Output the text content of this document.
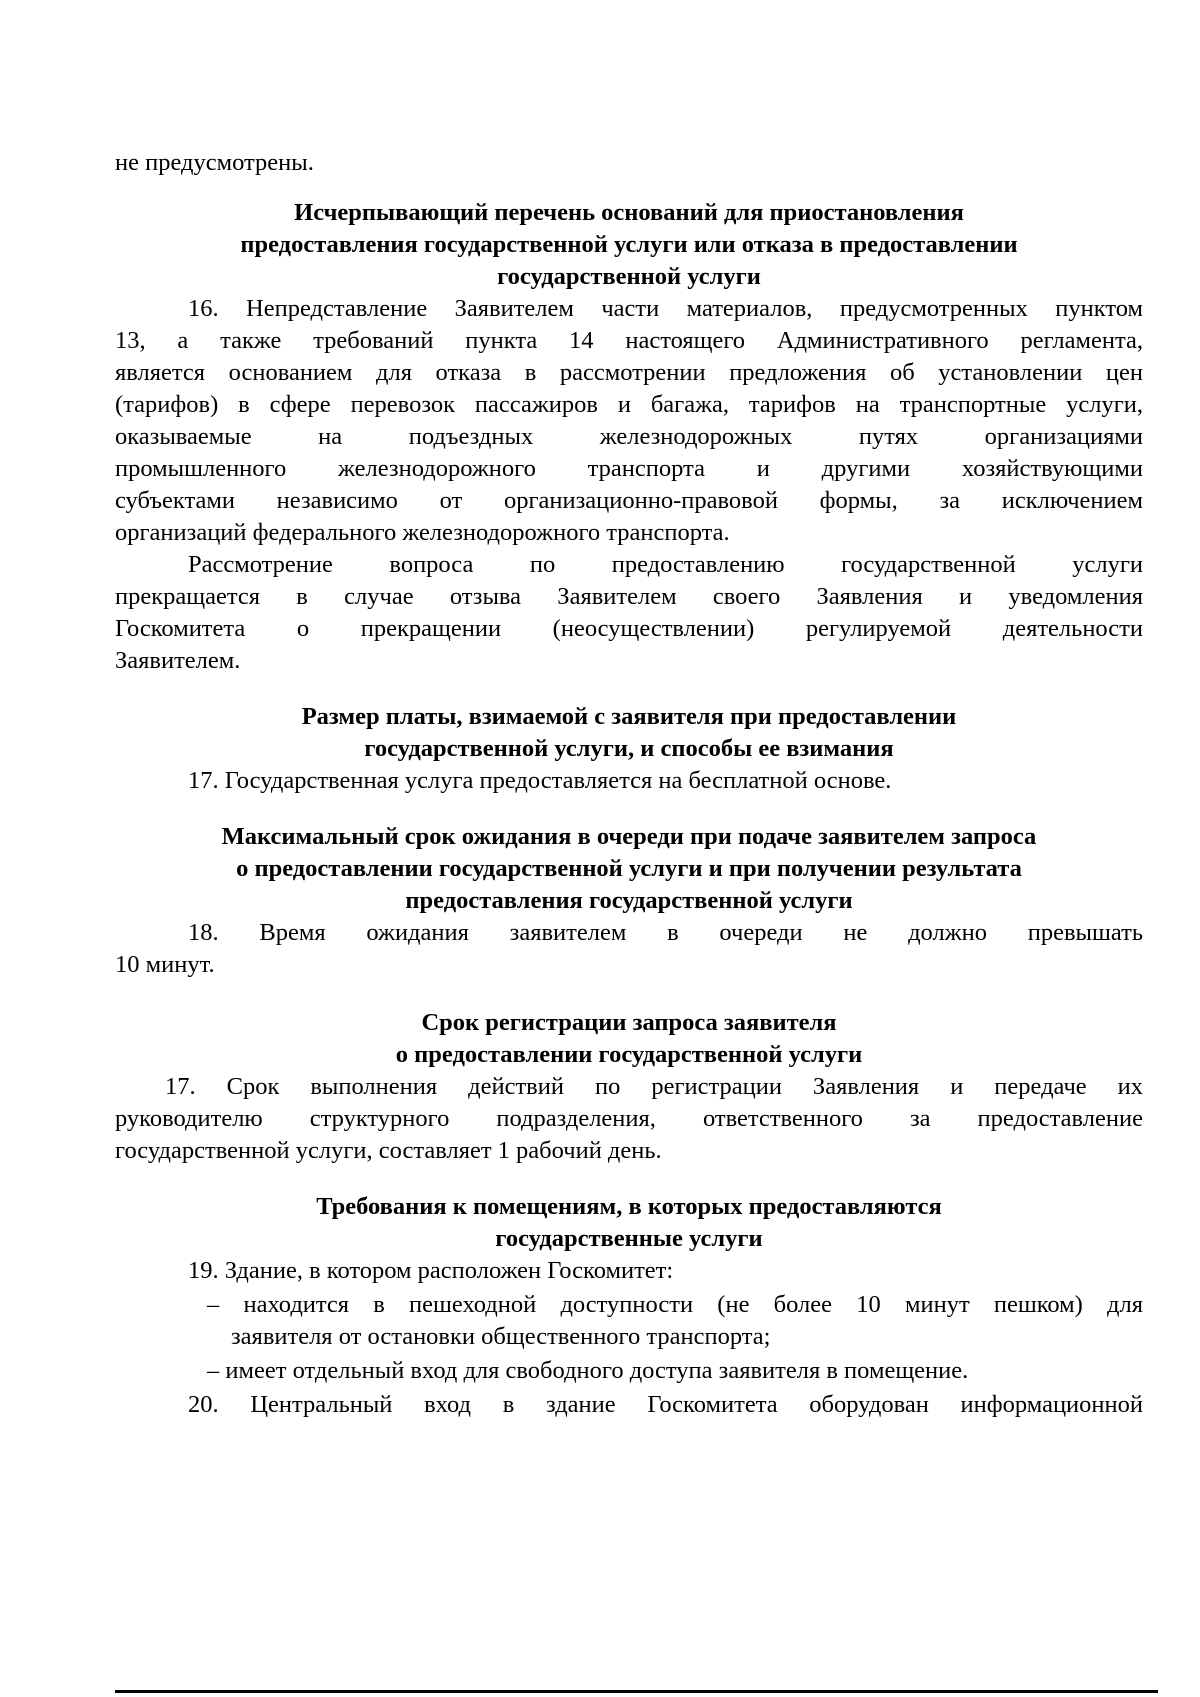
не предусмотрены.
Исчерпывающий перечень оснований для приостановления
предоставления государственной услуги или отказа в предоставлении
государственной услуги
16. Непредставление Заявителем части материалов, предусмотренных пунктом
13, а также требований пункта 14 настоящего Административного регламента,
является основанием для отказа в рассмотрении предложения об установлении цен
(тарифов) в сфере перевозок пассажиров и багажа, тарифов на транспортные услуги,
оказываемые на подъездных железнодорожных путях организациями
промышленного железнодорожного транспорта и другими хозяйствующими
субъектами независимо от организационно-правовой формы, за исключением
организаций федерального железнодорожного транспорта.
Рассмотрение вопроса по предоставлению государственной услуги
прекращается в случае отзыва Заявителем своего Заявления и уведомления
Госкомитета о прекращении (неосуществлении) регулируемой деятельности
Заявителем.
Размер платы, взимаемой с заявителя при предоставлении
государственной услуги, и способы ее взимания
17. Государственная услуга предоставляется на бесплатной основе.
Максимальный срок ожидания в очереди при подаче заявителем запроса
о предоставлении государственной услуги и при получении результата
предоставления государственной услуги
18. Время ожидания заявителем в очереди не должно превышать
10 минут.
Срок регистрации запроса заявителя
о предоставлении государственной услуги
17. Срок выполнения действий по регистрации Заявления и передаче их
руководителю структурного подразделения, ответственного за предоставление
государственной услуги, составляет 1 рабочий день.
Требования к помещениям, в которых предоставляются
государственные услуги
19. Здание, в котором расположен Госкомитет:
– находится в пешеходной доступности (не более 10 минут пешком) для
заявителя от остановки общественного транспорта;
– имеет отдельный вход для свободного доступа заявителя в помещение.
20. Центральный вход в здание Госкомитета оборудован информационной
